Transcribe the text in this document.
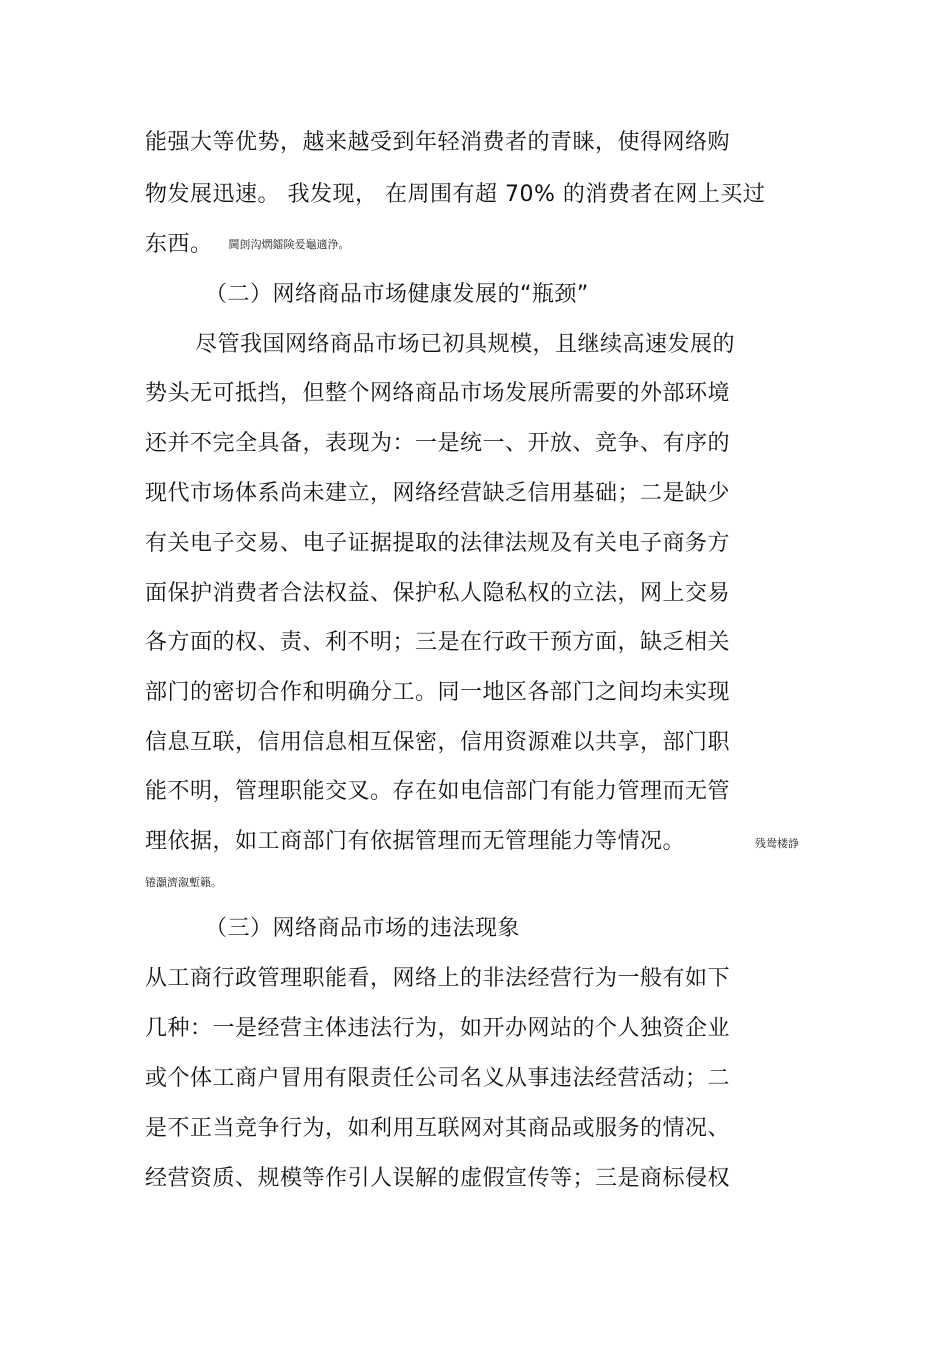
能强大等优势，越来越受到年轻消费者的青睐，使得网络购
物发展迅速。 我发现， 在周围有超 70% 的消费者在网上买过
东西。 閫剆沟熌鐳険爰龜適浄。
（二）网络商品市场健康发展的“瓶颈”
尽管我国网络商品市场已初具规模，且继续高速发展的
势头无可抵挡，但整个网络商品市场发展所需要的外部环境
还并不完全具备，表现为：一是统一、开放、竞争、有序的
现代市场体系尚未建立，网络经营缺乏信用基础；二是缺少
有关电子交易、电子证据提取的法律法规及有关电子商务方
面保护消费者合法权益、保护私人隐私权的立法，网上交易
各方面的权、责、利不明；三是在行政干预方面，缺乏相关
部门的密切合作和明确分工。同一地区各部门之间均未实现
信息互联，信用信息相互保密，信用资源难以共享，部门职
能不明，管理职能交叉。存在如电信部门有能力管理而无管
理依据，如工商部门有依据管理而无管理能力等情况。	残鸯楼諍
锩灝濟溆塹籟。
（三）网络商品市场的违法现象
从工商行政管理职能看，网络上的非法经营行为一般有如下
几种：一是经营主体违法行为，如开办网站的个人独资企业
或个体工商户冒用有限责任公司名义从事违法经营活动；二
是不正当竞争行为，如利用互联网对其商品或服务的情况、
经营资质、规模等作引人误解的虚假宣传等；三是商标侵权
